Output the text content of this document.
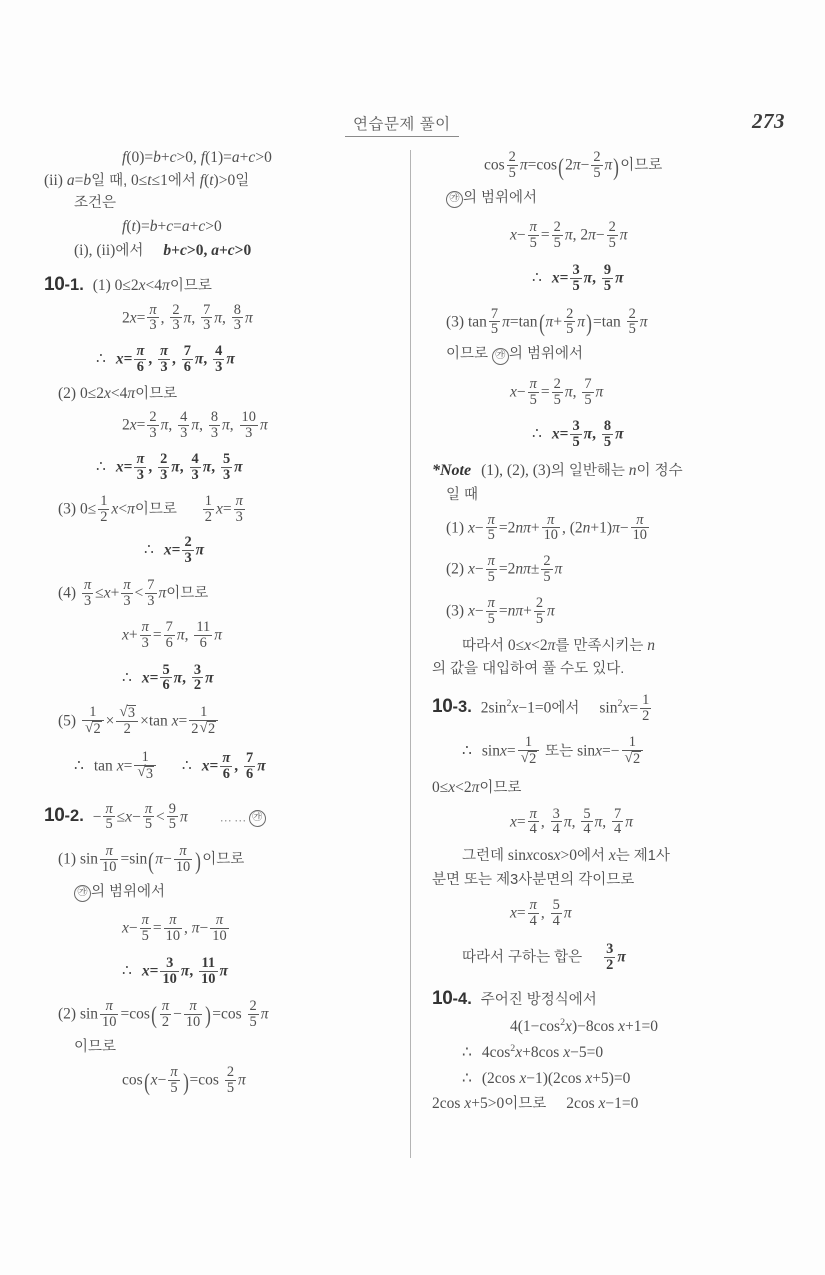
연습문제 풀이	273
f(0)=b+c>0, f(1)=a+c>0
(ii) a=b일 때, 0≤t≤1에서 f(t)>0일
조건은
f(t)=b+c=a+c>0
(i), (ii)에서 b+c>0, a+c>0
10-1. (1) 0≤2x<4π이므로
$2x= \frac{\pi}{3}$ , $\frac{2}{3} \pi$, $\frac{7}{3} \pi$, $\frac{8}{3}$ π
∴ $x= \frac{\pi}{6}$ , $\frac{\pi}{3}$ , $\frac{7}{6} \pi$, $\frac{4}{3}$ π
(2) 0≤2x<4π이므로
$2x= \frac{2}{3} \pi$, $\frac{4}{3} \pi$, $\frac{8}{3} \pi$, $\frac{10}{3}$ π
∴ $x= \frac{\pi}{3}$ , $\frac{2}{3} \pi$, $\frac{4}{3} \pi$, $\frac{5}{3}$ π
(3) $0\le \frac{1}{2} x<\pi$이므로 $\frac{1}{2} x= \frac{\pi}{3}$
∴ $x= \frac{2}{3}$ π
$(4) \frac{\pi}{3} \le x+ \frac{\pi}{3} < \frac{7}{3}$ π이므로
$x+ \frac{\pi}{3} = \frac{7}{6} \pi$, $\frac{11}{6}$ π
∴ $x= \frac{5}{6} \pi$, $\frac{3}{2}$ π
(5) 1
√ 2 × √ $\frac{3}{2} \times\tan$ $x= \frac{1}{2 √ 2}$
∴ tan x= 1
√ 3 ∴ $x= \frac{\pi}{6}$ , $\frac{7}{6}$ π
10-2. − $\frac{\pi}{5} \le x- \frac{\pi}{5} < \frac{9}{5}$ π	…… ㉮
(1) $\sin \frac{\pi}{10} =\sin(\pi- \frac{\pi}{10}$ )이므로
㉮ 의 범위에서
$x- \frac{\pi}{5} = \frac{\pi}{10}$ , $\pi- \frac{\pi}{10}$
∴ $x= \frac{3}{10} \pi$, $\frac{11}{10}$ π
(2) $\sin \frac{\pi}{10} =\cos( \frac{\pi}{2} - \frac{\pi}{10} )=\cos \frac{2}{5}$ π
이므로
$\cos(x- \frac{\pi}{5} )=\cos \frac{2}{5}$ π
$\cos \frac{2}{5} \pi=\cos(2\pi- \frac{2}{5} \pi)$이므로
㉮ 의 범위에서
$x- \frac{\pi}{5} = \frac{2}{5} \pi$, $2\pi- \frac{2}{5}$ π
∴ $x= \frac{3}{5} \pi$, $\frac{9}{5}$ π
(3) $\tan \frac{7}{5} \pi=\tan(\pi+ \frac{2}{5} \pi)=\tan \frac{2}{5}$ π
이므로 ㉮ 의 범위에서
$x- \frac{\pi}{5} = \frac{2}{5} \pi$, $\frac{7}{5}$ π
∴ $x= \frac{3}{5} \pi$, $\frac{8}{5}$ π
*Note (1), (2), (3)의 일반해는 n이 정수
일 때
(1) $x- \frac{\pi}{5} =2n\pi+ \frac{\pi}{10}$ , $(2n+1)\pi- \frac{\pi}{10}$
(2) $x- \frac{\pi}{5} =2n\pi\pm \frac{2}{5}$ π
(3) $x- \frac{\pi}{5} =n\pi+ \frac{2}{5}$ π
따라서 0≤x<2π를 만족시키는 n
의 값을 대입하여 풀 수도 있다.
10-3. $2\sin^2x-1=0$에서 $\sin^2x= \frac{1}{2}$
∴ sinx= 1
√ 2 또는 sinx=− 1
√ 2
0≤x<2π이므로
$x= \frac{\pi}{4}$ , $\frac{3}{4} \pi$, $\frac{5}{4} \pi$, $\frac{7}{4}$ π
그런데 sinxcosx>0에서 x는 제1사
분면 또는 제3사분면의 각이므로
$x= \frac{\pi}{4}$ , $\frac{5}{4}$ π
따라서 구하는 합은 $\frac{3}{2}$ π
10-4. 주어진 방정식에서
$4(1-\cos^2x)-8\cos$ x+1=0
∴ $4\cos^2x+8\cos$ x−5=0
∴ (2cos x−1)(2cos x+5)=0
2cos x+5>0이므로 2cos x−1=0
